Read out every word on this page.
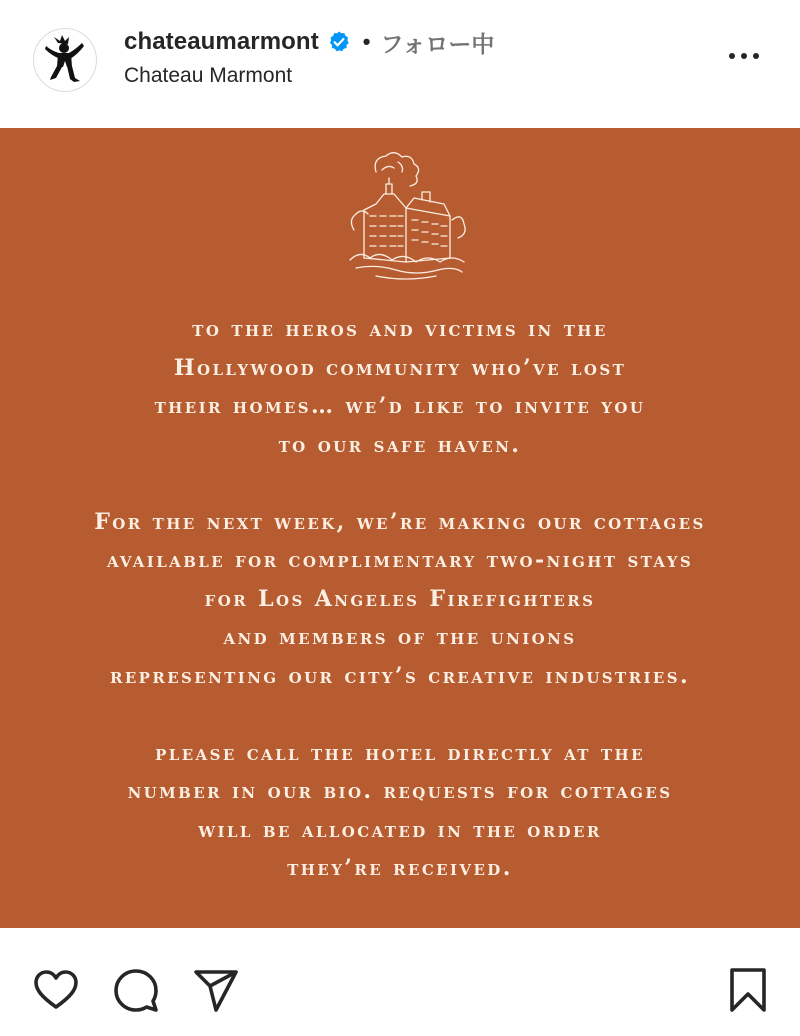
chateaumarmont • フォロー中
Chateau Marmont

to the heros and victims in the

Hollywood community who’ve lost

their homes… we’d like to invite you

to our safe haven.

For the next week, we’re making our cottages

available for complimentary two-night stays

for Los Angeles Firefighters

and members of the unions

representing our city’s creative industries.

please call the hotel directly at the

number in our bio. requests for cottages

will be allocated in the order

they’re received.
